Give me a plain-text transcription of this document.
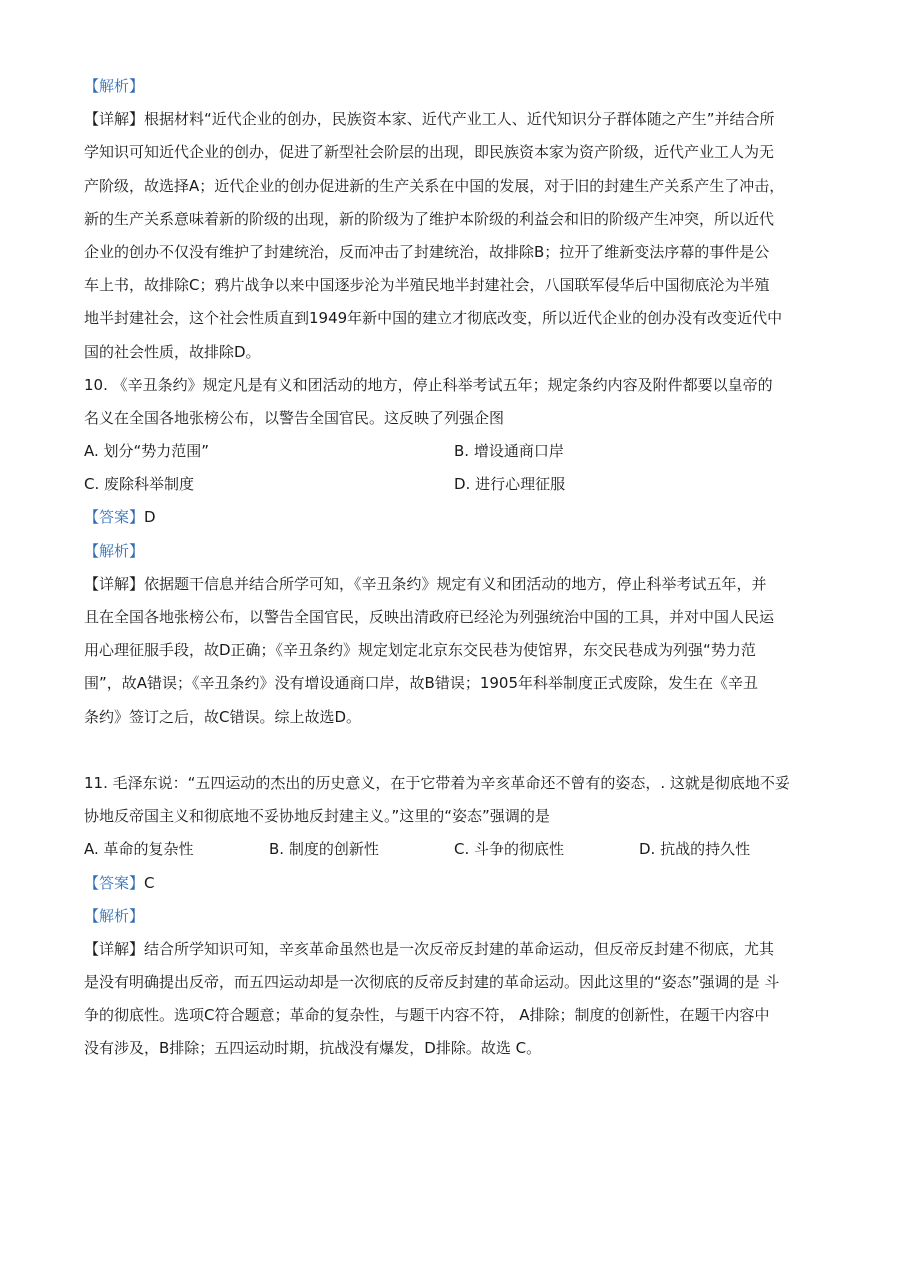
【解析】
【详解】根据材料“近代企业的创办，民族资本家、近代产业工人、近代知识分子群体随之产生”并结合所
学知识可知近代企业的创办，促进了新型社会阶层的出现，即民族资本家为资产阶级，近代产业工人为无
产阶级，故选择A；近代企业的创办促进新的生产关系在中国的发展，对于旧的封建生产关系产生了冲击，
新的生产关系意味着新的阶级的出现，新的阶级为了维护本阶级的利益会和旧的阶级产生冲突，所以近代
企业的创办不仅没有维护了封建统治，反而冲击了封建统治，故排除B；拉开了维新变法序幕的事件是公
车上书，故排除C；鸦片战争以来中国逐步沦为半殖民地半封建社会，八国联军侵华后中国彻底沦为半殖
地半封建社会，这个社会性质直到1949年新中国的建立才彻底改变，所以近代企业的创办没有改变近代中
国的社会性质，故排除D。
10. 《辛丑条约》规定凡是有义和团活动的地方，停止科举考试五年；规定条约内容及附件都要以皇帝的
名义在全国各地张榜公布，以警告全国官民。这反映了列强企图
A. 划分“势力范围”	B. 增设通商口岸
C. 废除科举制度	D. 进行心理征服
【答案】D
【解析】
【详解】依据题干信息并结合所学可知，《辛丑条约》规定有义和团活动的地方，停止科举考试五年，并
且在全国各地张榜公布，以警告全国官民，反映出清政府已经沦为列强统治中国的工具，并对中国人民运
用心理征服手段，故D正确；《辛丑条约》规定划定北京东交民巷为使馆界，东交民巷成为列强“势力范
围”，故A错误；《辛丑条约》没有增设通商口岸，故B错误；1905年科举制度正式废除，发生在《辛丑
条约》签订之后，故C错误。综上故选D。
11. 毛泽东说：“五四运动的杰出的历史意义，在于它带着为辛亥革命还不曾有的姿态，. 这就是彻底地不妥
协地反帝国主义和彻底地不妥协地反封建主义。”这里的“姿态”强调的是
A. 革命的复杂性	B. 制度的创新性	C. 斗争的彻底性	D. 抗战的持久性
【答案】C
【解析】
【详解】结合所学知识可知，辛亥革命虽然也是一次反帝反封建的革命运动，但反帝反封建不彻底，尤其
是没有明确提出反帝，而五四运动却是一次彻底的反帝反封建的革命运动。因此这里的“姿态”强调的是 斗
争的彻底性。选项C符合题意；革命的复杂性，与题干内容不符， A排除；制度的创新性，在题干内容中
没有涉及，B排除；五四运动时期，抗战没有爆发，D排除。故选 C。
